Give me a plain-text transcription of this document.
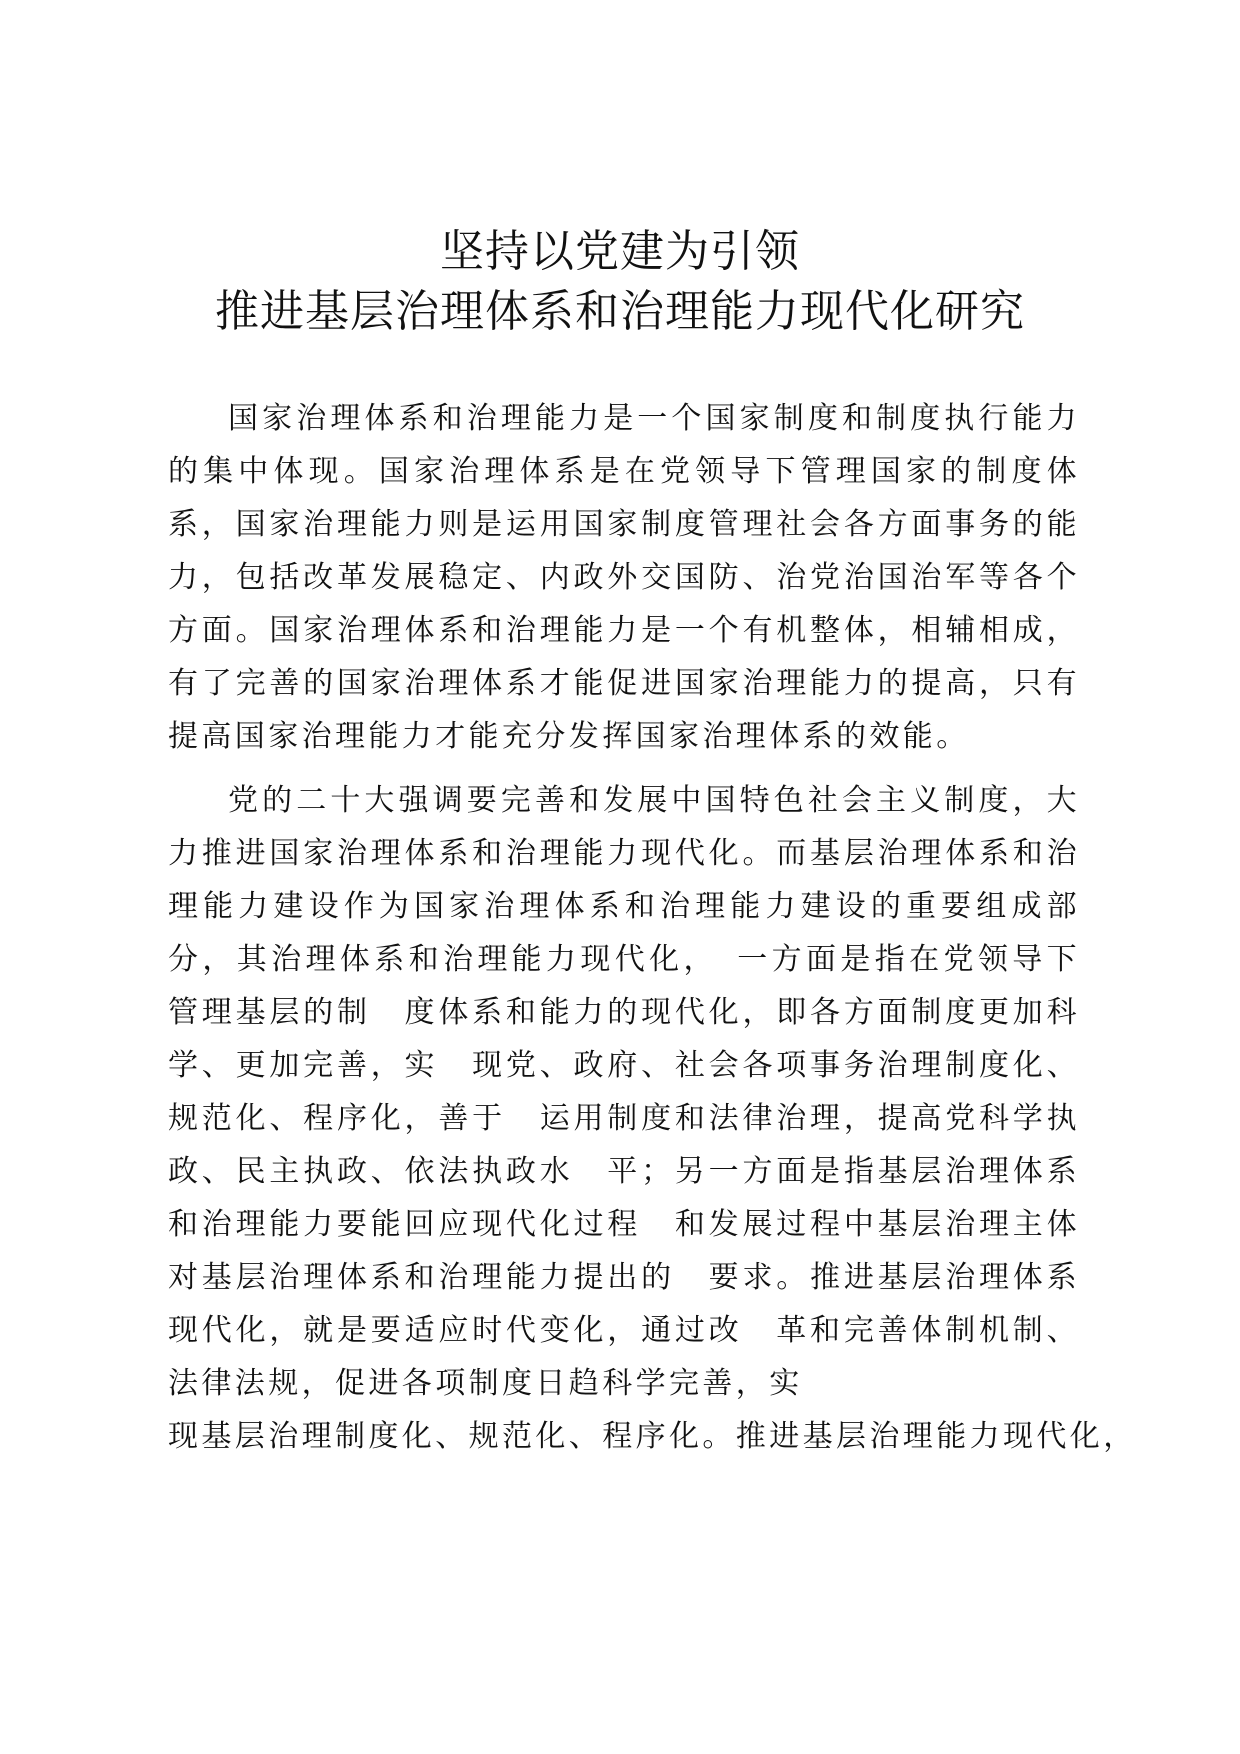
坚持以党建为引领
推进基层治理体系和治理能力现代化研究

国家治理体系和治理能力是一个国家制度和制度执行能力的集中体现。国家治理体系是在党领导下管理国家的制度体系，国家治理能力则是运用国家制度管理社会各方面事务的能力，包括改革发展稳定、内政外交国防、治党治国治军等各个方面。国家治理体系和治理能力是一个有机整体，相辅相成，有了完善的国家治理体系才能促进国家治理能力的提高，只有提高国家治理能力才能充分发挥国家治理体系的效能。

党的二十大强调要完善和发展中国特色社会主义制度，大力推进国家治理体系和治理能力现代化。而基层治理体系和治理能力建设作为国家治理体系和治理能力建设的重要组成部分，其治理体系和治理能力现代化，　一方面是指在党领导下管理基层的制　度体系和能力的现代化，即各方面制度更加科学、更加完善，实　现党、政府、社会各项事务治理制度化、规范化、程序化，善于　运用制度和法律治理，提高党科学执政、民主执政、依法执政水　平；另一方面是指基层治理体系和治理能力要能回应现代化过程　和发展过程中基层治理主体对基层治理体系和治理能力提出的　要求。推进基层治理体系现代化，就是要适应时代变化，通过改　革和完善体制机制、法律法规，促进各项制度日趋科学完善，实

现基层治理制度化、规范化、程序化。推进基层治理能力现代化，
